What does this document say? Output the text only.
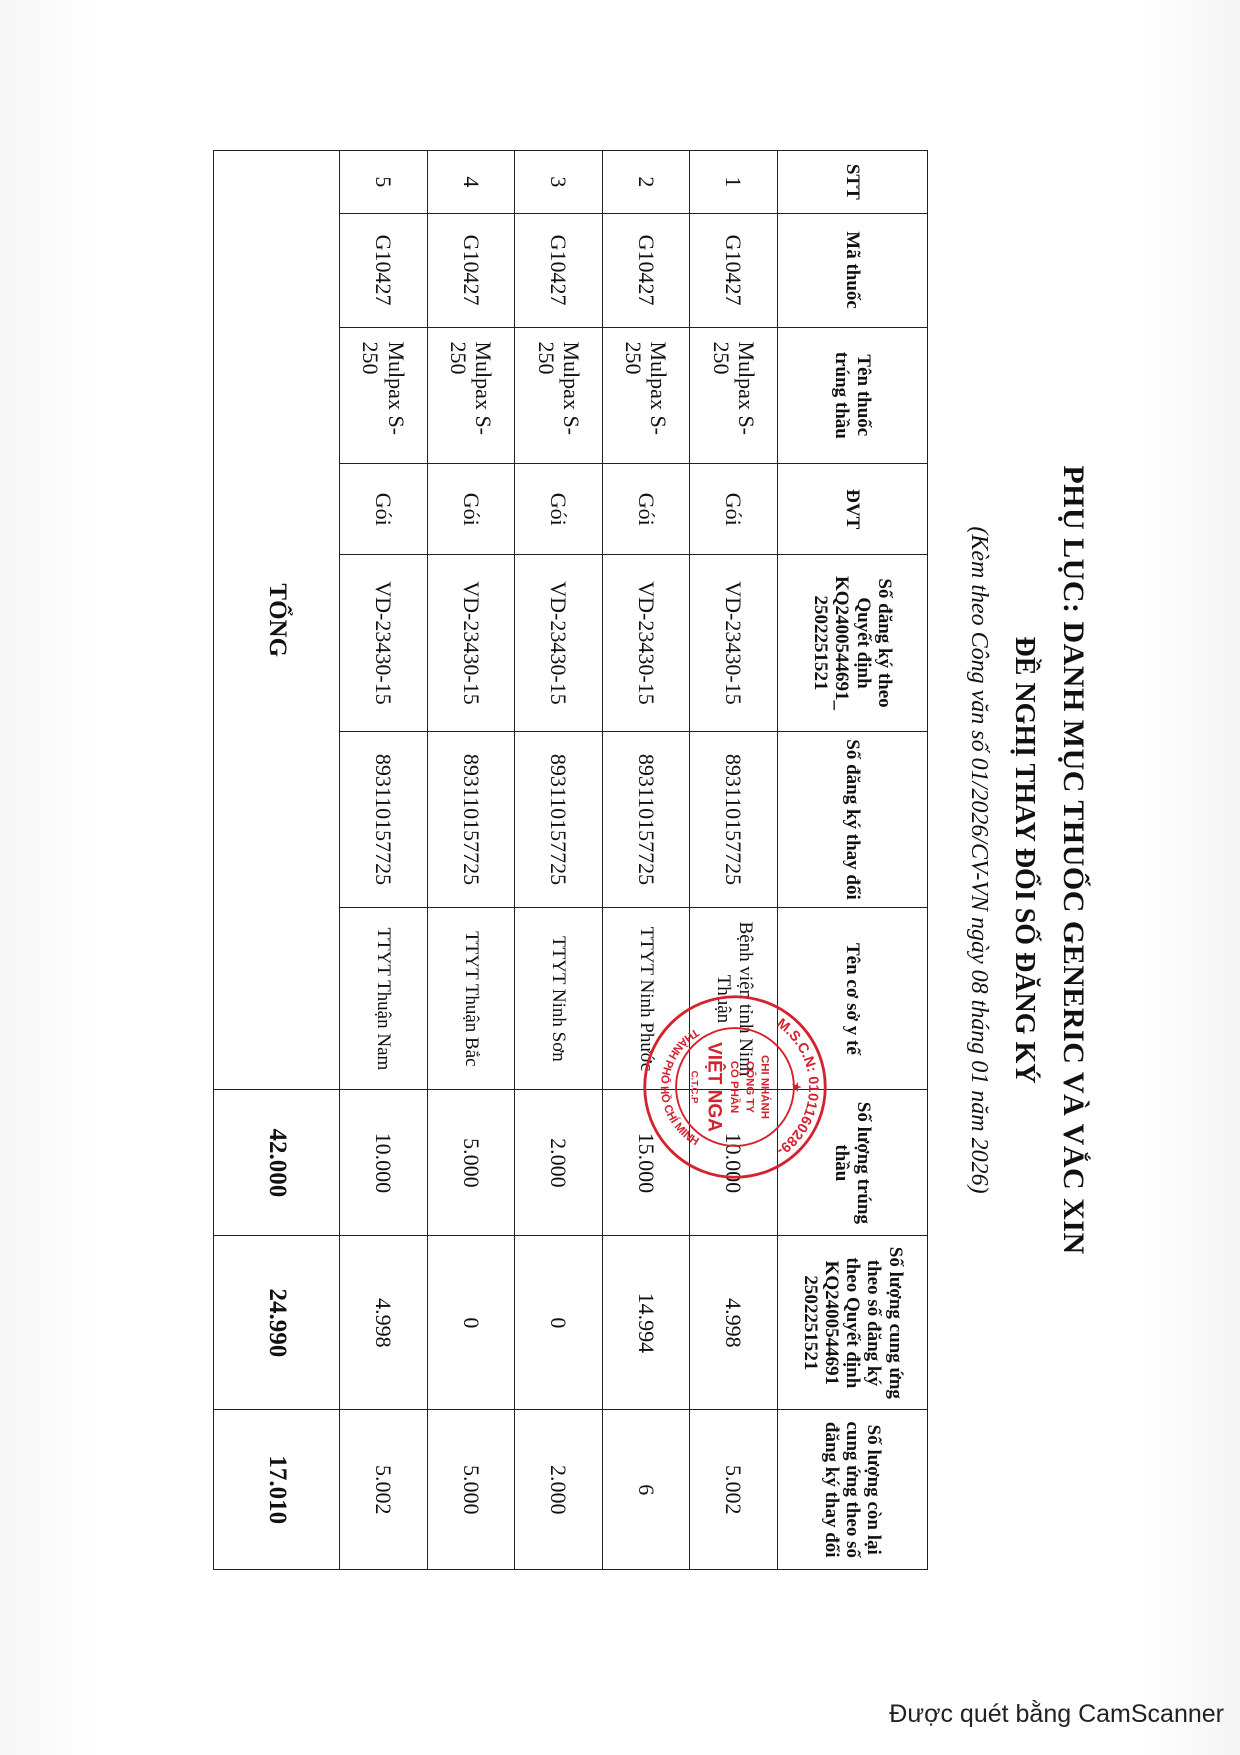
PHỤ LỤC: DANH MỤC THUỐC GENERIC VÀ VẮC XIN
ĐỀ NGHỊ THAY ĐỔI SỐ ĐĂNG KÝ
(Kèm theo Công văn số 01/2026/CV-VN ngày 08 tháng 01 năm 2026)
STT	Mã thuốc	Tên thuốc trúng thầu	ĐVT	Số đăng ký theo Quyết định KQ2400544691_ 2502251521	Số đăng ký thay đổi	Tên cơ sở y tế	Số lượng trúng thầu	Số lượng cung ứng theo số đăng ký theo Quyết định KQ2400544691 2502251521	Số lượng còn lại cung ứng theo số đăng ký thay đổi
1	G10427	Mulpax S-250	Gói	VD-23430-15	893110157725	Bệnh viện tỉnh Ninh Thuận	10.000	4.998	5.002
2	G10427	Mulpax S-250	Gói	VD-23430-15	893110157725	TTYT Ninh Phước	15.000	14.994	6
3	G10427	Mulpax S-250	Gói	VD-23430-15	893110157725	TTYT Ninh Sơn	2.000	0	2.000
4	G10427	Mulpax S-250	Gói	VD-23430-15	893110157725	TTYT Thuận Bắc	5.000	0	5.000
5	G10427	Mulpax S-250	Gói	VD-23430-15	893110157725	TTYT Thuận Nam	10.000	4.998	5.002
TỔNG							42.000	24.990	17.010
M.S.C.N: 0101160289-
THÀNH PHỐ HỒ CHÍ MINH
CHI NHÁNH
CÔNG TY
CỔ PHẦN
VIỆT NGA
C.T.C.P	★
Được quét bằng CamScanner
